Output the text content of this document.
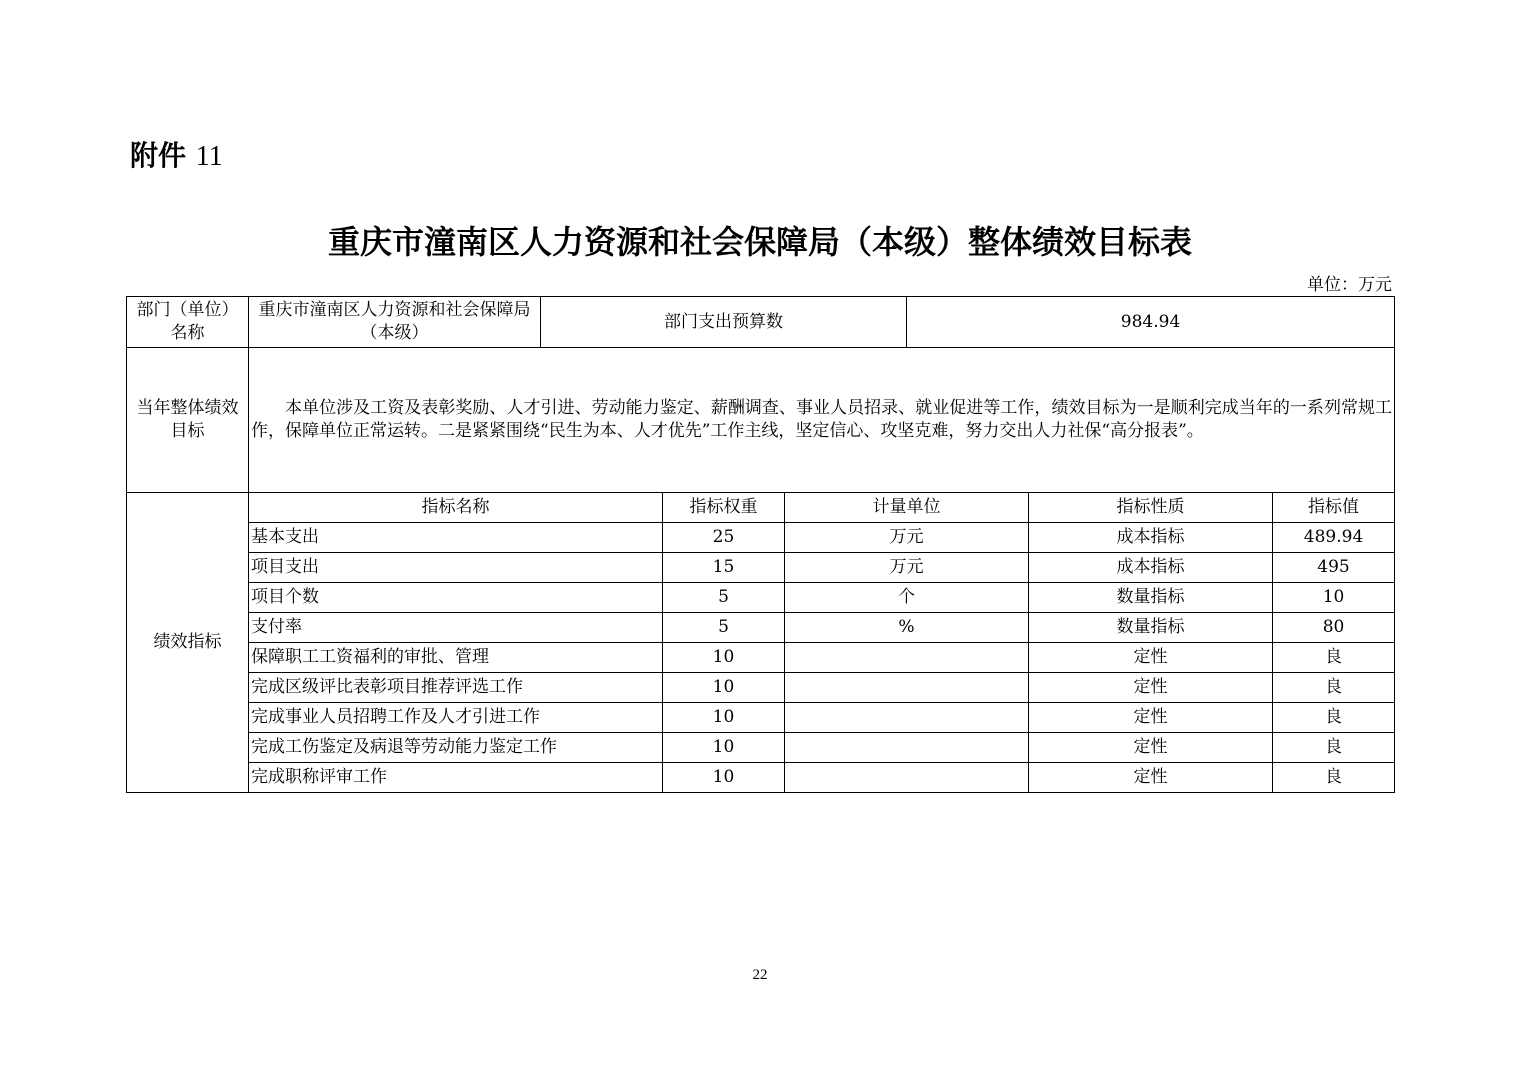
附件 11
重庆市潼南区人力资源和社会保障局（本级）整体绩效目标表
单位：万元
部门（单位）名称	重庆市潼南区人力资源和社会保障局（本级）	部门支出预算数			984.94		
当年整体绩效目标	本单位涉及工资及表彰奖励、人才引进、劳动能力鉴定、薪酬调查、事业人员招录、就业促进等工作，绩效目标为一是顺利完成当年的一系列常规工作，保障单位正常运转。二是紧紧围绕“民生为本、人才优先”工作主线，坚定信心、攻坚克难，努力交出人力社保“高分报表”。						
绩效指标	指标名称		指标权重	计量单位		指标性质	指标值
	基本支出		25	万元		成本指标	489.94
	项目支出		15	万元		成本指标	495
	项目个数		5	个		数量指标	10
	支付率		5	%		数量指标	80
	保障职工工资福利的审批、管理		10			定性	良
	完成区级评比表彰项目推荐评选工作		10			定性	良
	完成事业人员招聘工作及人才引进工作		10			定性	良
	完成工伤鉴定及病退等劳动能力鉴定工作		10			定性	良
	完成职称评审工作		10			定性	良
22
